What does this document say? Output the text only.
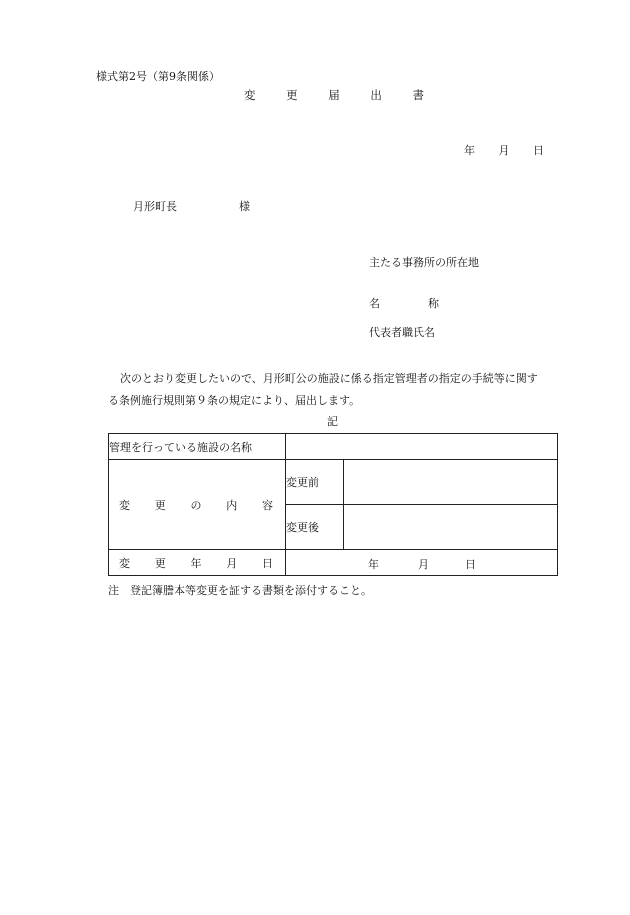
様式第2号（第9条関係）
変	更	届	出	書
年 月 日
月形町長	様
主たる事務所の所在地
名	称
代表者職氏名
次のとおり変更したいので、月形町公の施設に係る指定管理者の指定の手続等に関す
る条例施行規則第９条の規定により、届出します。
記
管理を行っている施設の名称		

変 更 の 内 容	変更前	
	変更後	

変 更 年 月 日	年 月 日	
注　登記簿謄本等変更を証する書類を添付すること。
